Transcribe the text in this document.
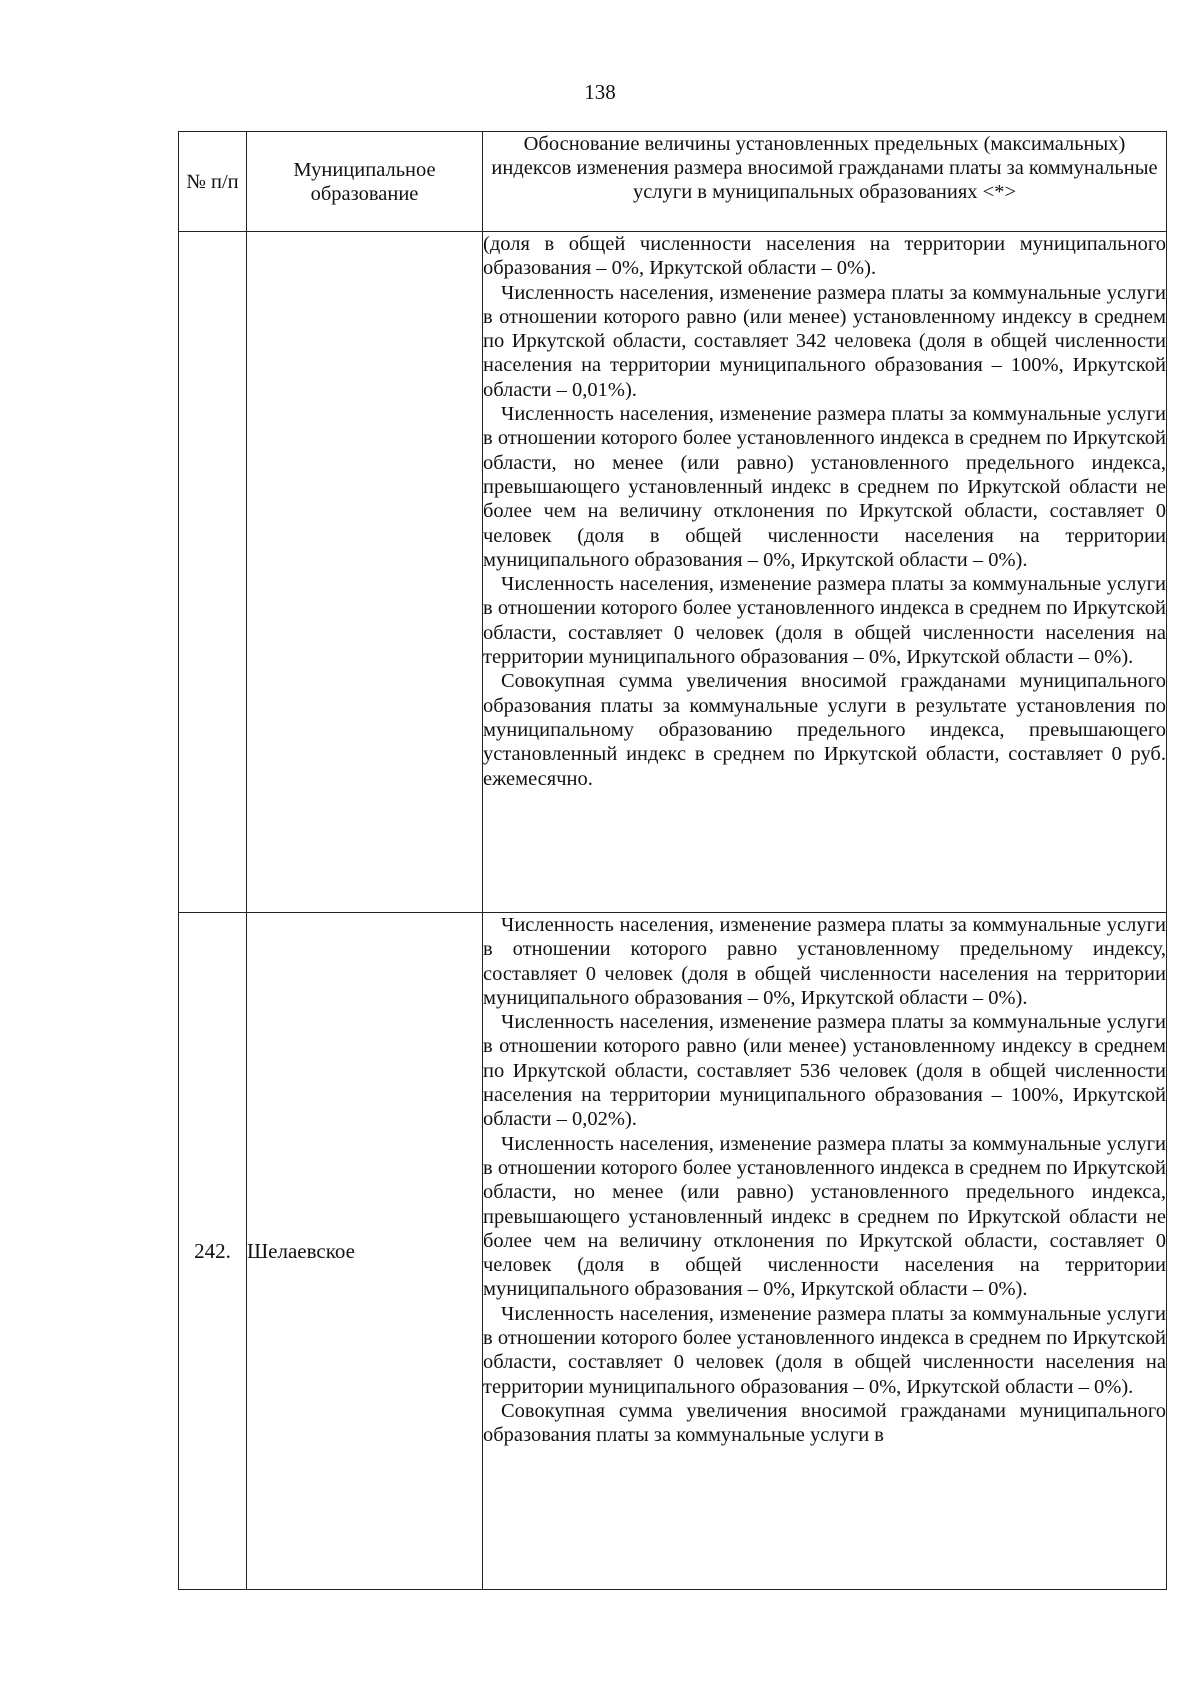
138
№ п/п	Муниципальное образование	Обоснование величины установленных предельных (максимальных) индексов изменения размера вносимой гражданами платы за коммунальные услуги в муниципальных образованиях <*>

		(доля в общей численности населения на территории муниципального образования – 0%, Иркутской области – 0%).

Численность населения, изменение размера платы за коммунальные услуги в отношении которого равно (или менее) установленному индексу в среднем по Иркутской области, составляет 342 человека (доля в общей численности населения на территории муниципального образования – 100%, Иркутской области – 0,01%).

Численность населения, изменение размера платы за коммунальные услуги в отношении которого более установленного индекса в среднем по Иркутской области, но менее (или равно) установленного предельного индекса, превышающего установленный индекс в среднем по Иркутской области не более чем на величину отклонения по Иркутской области, составляет 0 человек (доля в общей численности населения на территории муниципального образования – 0%, Иркутской области – 0%).

Численность населения, изменение размера платы за коммунальные услуги в отношении которого более установленного индекса в среднем по Иркутской области, составляет 0 человек (доля в общей численности населения на территории муниципального образования – 0%, Иркутской области – 0%).

Совокупная сумма увеличения вносимой гражданами муниципального образования платы за коммунальные услуги в результате установления по муниципальному образованию предельного индекса, превышающего установленный индекс в среднем по Иркутской области, составляет 0 руб. ежемесячно.

242.	Шелаевское	Численность населения, изменение размера платы за коммунальные услуги в отношении которого равно установленному предельному индексу, составляет 0 человек (доля в общей численности населения на территории муниципального образования – 0%, Иркутской области – 0%).

Численность населения, изменение размера платы за коммунальные услуги в отношении которого равно (или менее) установленному индексу в среднем по Иркутской области, составляет 536 человек (доля в общей численности населения на территории муниципального образования – 100%, Иркутской области – 0,02%).

Численность населения, изменение размера платы за коммунальные услуги в отношении которого более установленного индекса в среднем по Иркутской области, но менее (или равно) установленного предельного индекса, превышающего установленный индекс в среднем по Иркутской области не более чем на величину отклонения по Иркутской области, составляет 0 человек (доля в общей численности населения на территории муниципального образования – 0%, Иркутской области – 0%).

Численность населения, изменение размера платы за коммунальные услуги в отношении которого более установленного индекса в среднем по Иркутской области, составляет 0 человек (доля в общей численности населения на территории муниципального образования – 0%, Иркутской области – 0%).

Совокупная сумма увеличения вносимой гражданами муниципального образования платы за коммунальные услуги в
